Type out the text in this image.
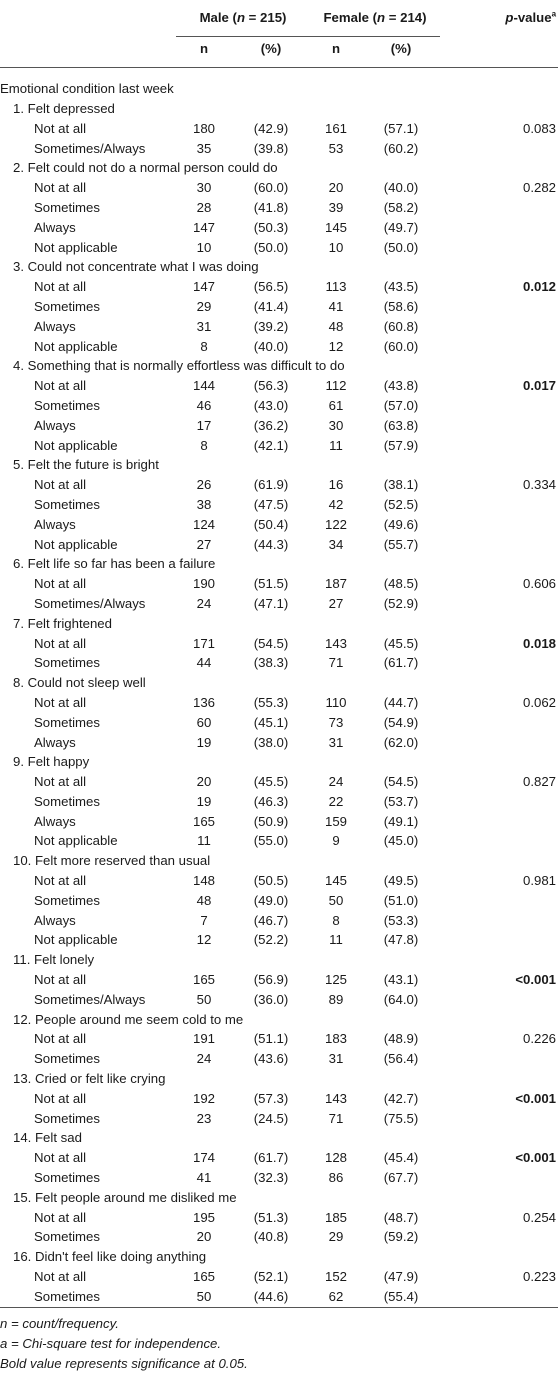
	Male (n = 215)		Female (n = 214)		p-value$^a$
	n	(%)	n	(%)	
Emotional condition last week					
1. Felt depressed					
Not at all	180	(42.9)	161	(57.1)	0.083
Sometimes/Always	35	(39.8)	53	(60.2)	
2. Felt could not do a normal person could do					
Not at all	30	(60.0)	20	(40.0)	0.282
Sometimes	28	(41.8)	39	(58.2)	
Always	147	(50.3)	145	(49.7)	
Not applicable	10	(50.0)	10	(50.0)	
3. Could not concentrate what I was doing					
Not at all	147	(56.5)	113	(43.5)	0.012
Sometimes	29	(41.4)	41	(58.6)	
Always	31	(39.2)	48	(60.8)	
Not applicable	8	(40.0)	12	(60.0)	
4. Something that is normally effortless was difficult to do					
Not at all	144	(56.3)	112	(43.8)	0.017
Sometimes	46	(43.0)	61	(57.0)	
Always	17	(36.2)	30	(63.8)	
Not applicable	8	(42.1)	11	(57.9)	
5. Felt the future is bright					
Not at all	26	(61.9)	16	(38.1)	0.334
Sometimes	38	(47.5)	42	(52.5)	
Always	124	(50.4)	122	(49.6)	
Not applicable	27	(44.3)	34	(55.7)	
6. Felt life so far has been a failure					
Not at all	190	(51.5)	187	(48.5)	0.606
Sometimes/Always	24	(47.1)	27	(52.9)	
7. Felt frightened					
Not at all	171	(54.5)	143	(45.5)	0.018
Sometimes	44	(38.3)	71	(61.7)	
8. Could not sleep well					
Not at all	136	(55.3)	110	(44.7)	0.062
Sometimes	60	(45.1)	73	(54.9)	
Always	19	(38.0)	31	(62.0)	
9. Felt happy					
Not at all	20	(45.5)	24	(54.5)	0.827
Sometimes	19	(46.3)	22	(53.7)	
Always	165	(50.9)	159	(49.1)	
Not applicable	11	(55.0)	9	(45.0)	
10. Felt more reserved than usual					
Not at all	148	(50.5)	145	(49.5)	0.981
Sometimes	48	(49.0)	50	(51.0)	
Always	7	(46.7)	8	(53.3)	
Not applicable	12	(52.2)	11	(47.8)	
11. Felt lonely					
Not at all	165	(56.9)	125	(43.1)	<0.001
Sometimes/Always	50	(36.0)	89	(64.0)	
12. People around me seem cold to me					
Not at all	191	(51.1)	183	(48.9)	0.226
Sometimes	24	(43.6)	31	(56.4)	
13. Cried or felt like crying					
Not at all	192	(57.3)	143	(42.7)	<0.001
Sometimes	23	(24.5)	71	(75.5)	
14. Felt sad					
Not at all	174	(61.7)	128	(45.4)	<0.001
Sometimes	41	(32.3)	86	(67.7)	
15. Felt people around me disliked me					
Not at all	195	(51.3)	185	(48.7)	0.254
Sometimes	20	(40.8)	29	(59.2)	
16. Didn't feel like doing anything					
Not at all	165	(52.1)	152	(47.9)	0.223
Sometimes	50	(44.6)	62	(55.4)	
n = count/frequency.
a = Chi-square test for independence.
Bold value represents significance at 0.05.
